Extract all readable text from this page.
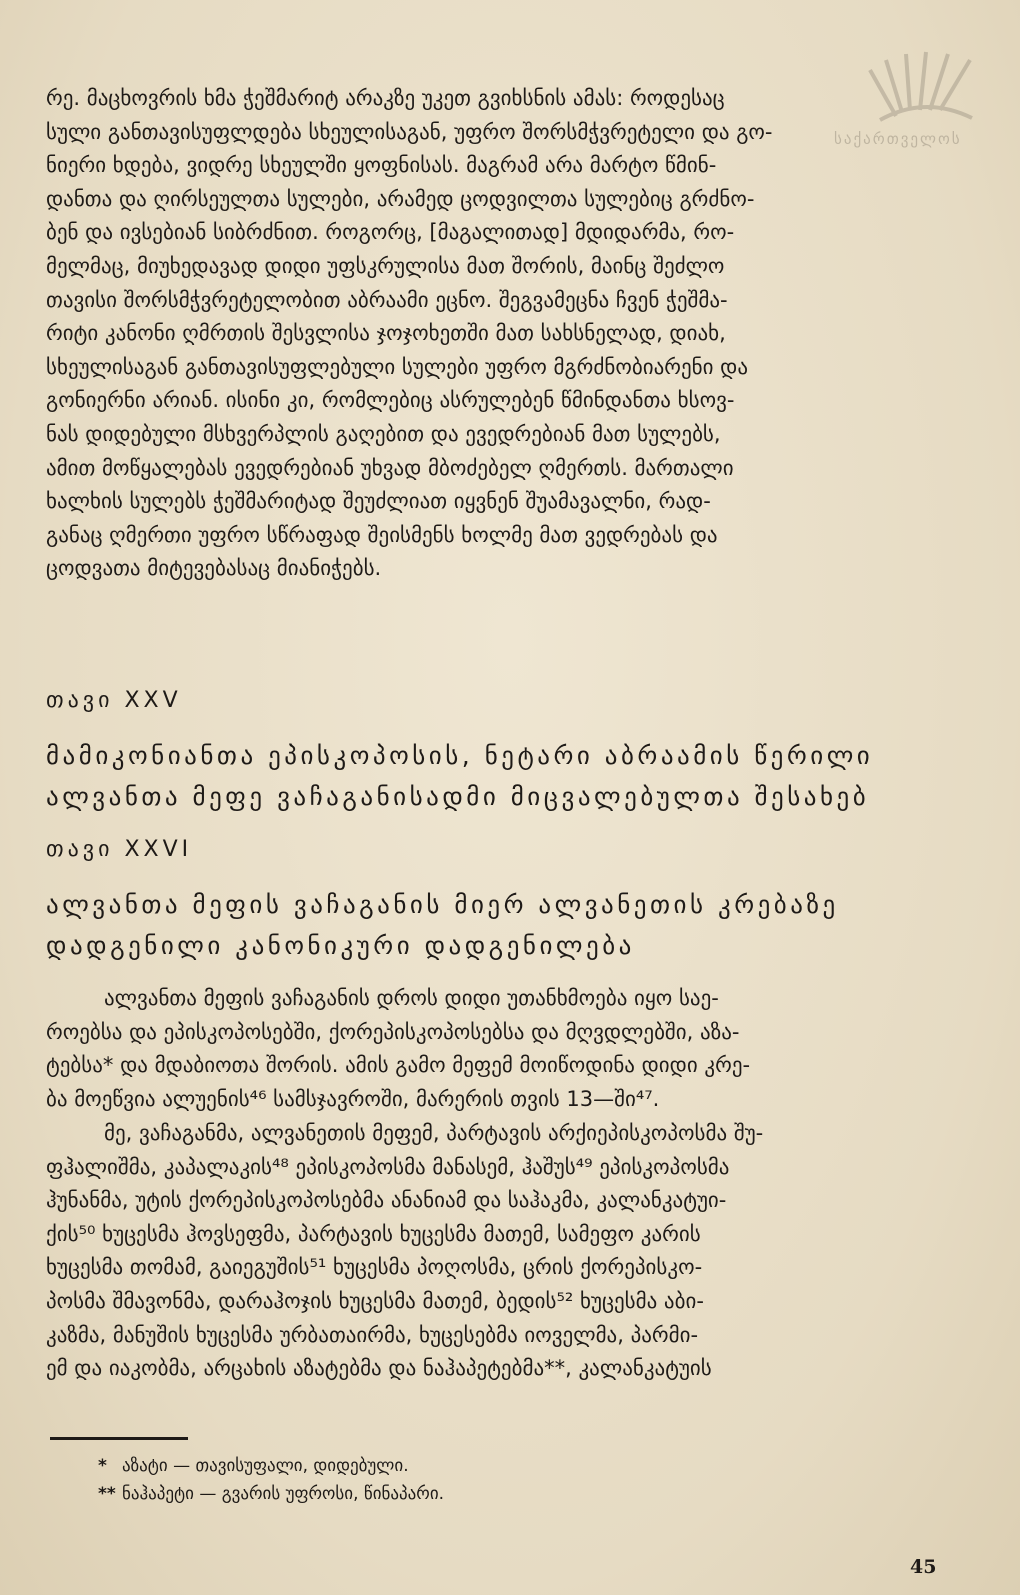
საქართველოს

რე. მაცხოვრის ხმა ჭეშმარიტ არაკზე უკეთ გვიხსნის ამას: როდესაც
სული განთავისუფლდება სხეულისაგან, უფრო შორსმჭვრეტელი და გო-
ნიერი ხდება, ვიდრე სხეულში ყოფნისას. მაგრამ არა მარტო წმინ-
დანთა და ღირსეულთა სულები, არამედ ცოდვილთა სულებიც გრძნო-
ბენ და ივსებიან სიბრძნით. როგორც, [მაგალითად] მდიდარმა, რო-
მელმაც, მიუხედავად დიდი უფსკრულისა მათ შორის, მაინც შეძლო
თავისი შორსმჭვრეტელობით აბრაამი ეცნო. შეგვამეცნა ჩვენ ჭეშმა-
რიტი კანონი ღმრთის შესვლისა ჯოჯოხეთში მათ სახსნელად, დიახ,
სხეულისაგან განთავისუფლებული სულები უფრო მგრძნობიარენი და
გონიერნი არიან. ისინი კი, რომლებიც ასრულებენ წმინდანთა ხსოვ-
ნას დიდებული მსხვერპლის გაღებით და ევედრებიან მათ სულებს,
ამით მოწყალებას ევედრებიან უხვად მბოძებელ ღმერთს. მართალი
ხალხის სულებს ჭეშმარიტად შეუძლიათ იყვნენ შუამავალნი, რად-
განაც ღმერთი უფრო სწრაფად შეისმენს ხოლმე მათ ვედრებას და
ცოდვათა მიტევებასაც მიანიჭებს.

თავი XXV

მამიკონიანთა ეპისკოპოსის, ნეტარი აბრაამის წერილი
ალვანთა მეფე ვაჩაგანისადმი მიცვალებულთა შესახებ

თავი XXVI

ალვანთა მეფის ვაჩაგანის მიერ ალვანეთის კრებაზე
დადგენილი კანონიკური დადგენილება

ალვანთა მეფის ვაჩაგანის დროს დიდი უთანხმოება იყო საე-
როებსა და ეპისკოპოსებში, ქორეპისკოპოსებსა და მღვდლებში, აზა-
ტებსა* და მდაბიოთა შორის. ამის გამო მეფემ მოიწოდინა დიდი კრე-
ბა მოეწვია ალუენის⁴⁶ სამსჯავროში, მარერის თვის 13—ში⁴⁷.

მე, ვაჩაგანმა, ალვანეთის მეფემ, პარტავის არქიეპისკოპოსმა შუ-
ფჰალიშმა, კაპალაკის⁴⁸ ეპისკოპოსმა მანასემ, ჰაშუს⁴⁹ ეპისკოპოსმა
ჰუნანმა, უტის ქორეპისკოპოსებმა ანანიამ და საჰაკმა, კალანკატუი-
ქის⁵⁰ ხუცესმა ჰოვსეფმა, პარტავის ხუცესმა მათემ, სამეფო კარის
ხუცესმა თომამ, გაიეგუშის⁵¹ ხუცესმა პოღოსმა, ცრის ქორეპისკო-
პოსმა შმავონმა, დარაჰოჯის ხუცესმა მათემ, ბედის⁵² ხუცესმა აბი-
კაზმა, მანუშის ხუცესმა ურბათაირმა, ხუცესებმა იოველმა, პარმი-
ემ და იაკობმა, არცახის აზატებმა და ნაჰაპეტებმა**, კალანკატუის

* აზატი — თავისუფალი, დიდებული.

** ნაჰაპეტი — გვარის უფროსი, წინაპარი.

45
